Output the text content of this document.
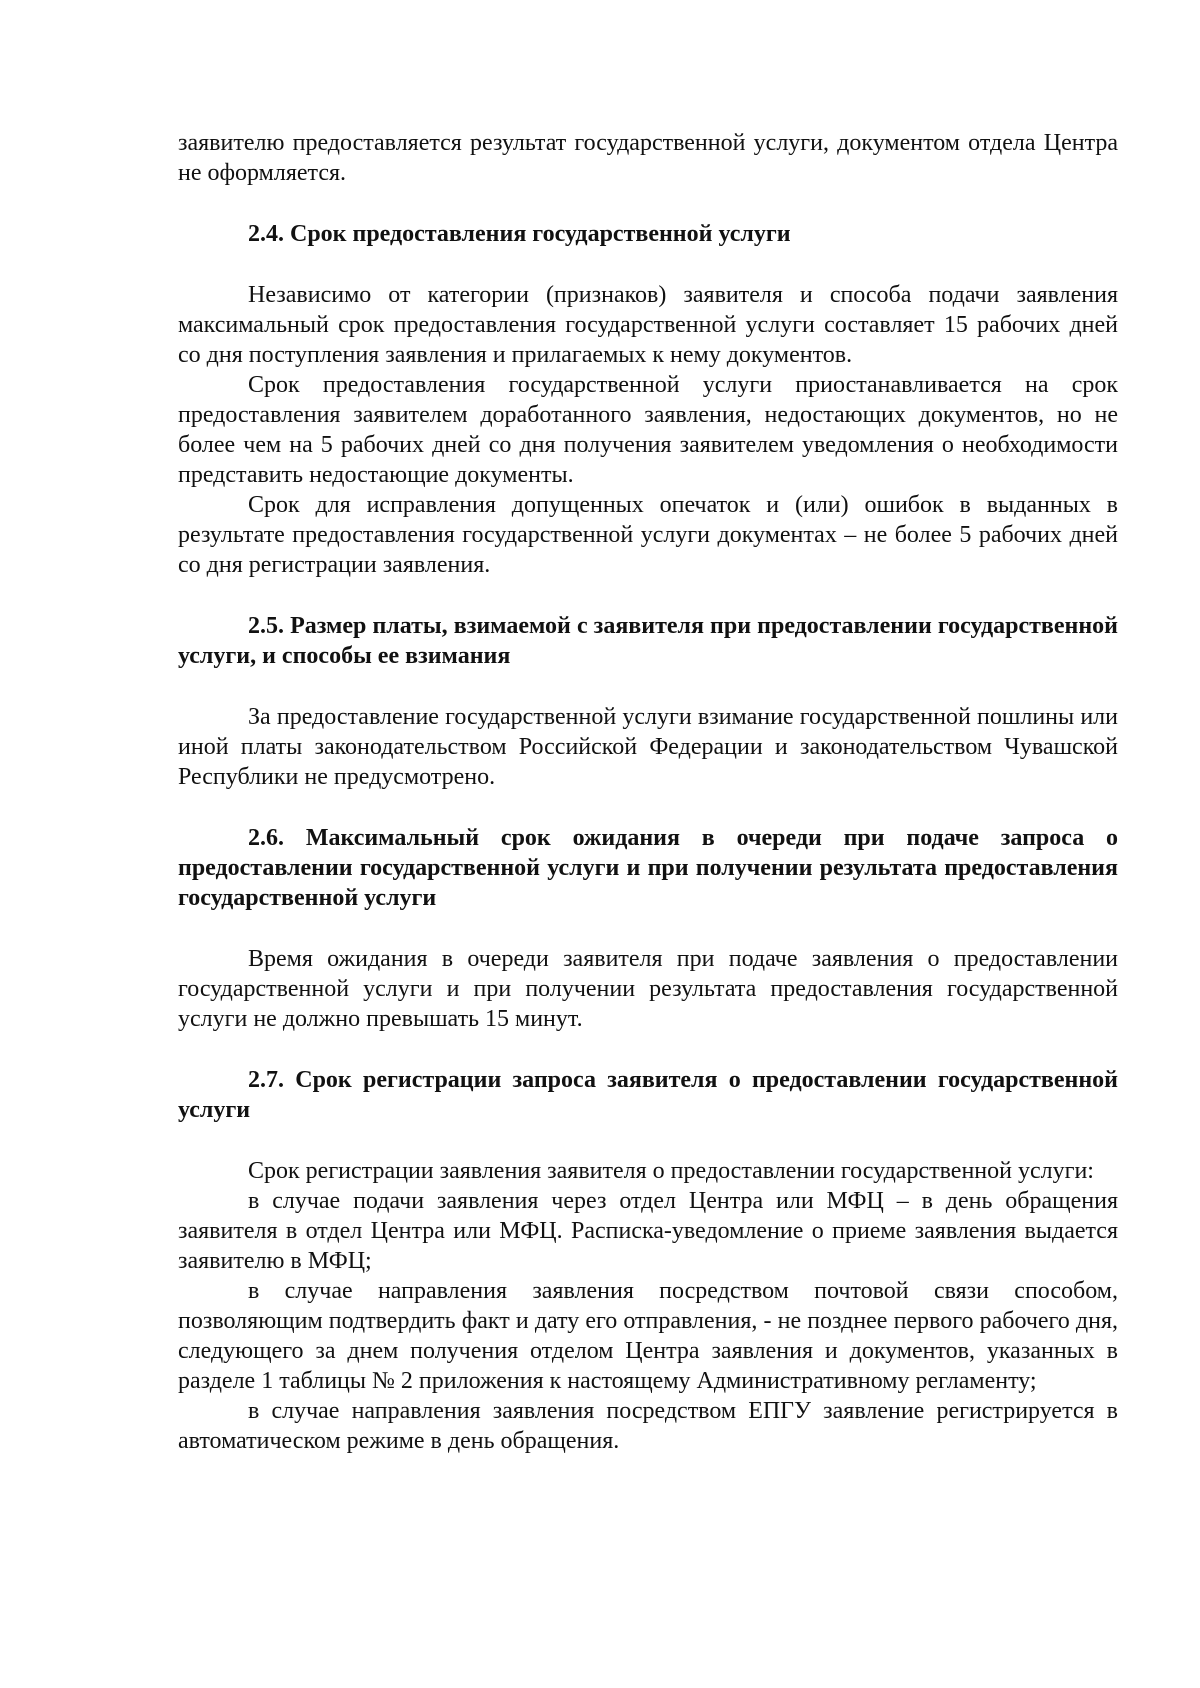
заявителю предоставляется результат государственной услуги, документом отдела Центра не оформляется.

2.4. Срок предоставления государственной услуги

Независимо от категории (признаков) заявителя и способа подачи заявления максимальный срок предоставления государственной услуги составляет 15 рабочих дней со дня поступления заявления и прилагаемых к нему документов.

Срок предоставления государственной услуги приостанавливается на срок предоставления заявителем доработанного заявления, недостающих документов, но не более чем на 5 рабочих дней со дня получения заявителем уведомления о необходимости представить недостающие документы.

Срок для исправления допущенных опечаток и (или) ошибок в выданных в результате предоставления государственной услуги документах – не более 5 рабочих дней со дня регистрации заявления.

2.5. Размер платы, взимаемой с заявителя при предоставлении государственной услуги, и способы ее взимания

За предоставление государственной услуги взимание государственной пошлины или иной платы законодательством Российской Федерации и законодательством Чувашской Республики не предусмотрено.

2.6. Максимальный срок ожидания в очереди при подаче запроса о предоставлении государственной услуги и при получении результата предоставления государственной услуги

Время ожидания в очереди заявителя при подаче заявления о предоставлении государственной услуги и при получении результата предоставления государственной услуги не должно превышать 15 минут.

2.7. Срок регистрации запроса заявителя о предоставлении государственной услуги

Срок регистрации заявления заявителя о предоставлении государственной услуги:

в случае подачи заявления через отдел Центра или МФЦ – в день обращения заявителя в отдел Центра или МФЦ. Расписка-уведомление о приеме заявления выдается заявителю в МФЦ;

в случае направления заявления посредством почтовой связи способом, позволяющим подтвердить факт и дату его отправления, - не позднее первого рабочего дня, следующего за днем получения отделом Центра заявления и документов, указанных в разделе 1 таблицы № 2 приложения к настоящему Административному регламенту;

в случае направления заявления посредством ЕПГУ заявление регистрируется в автоматическом режиме в день обращения.
